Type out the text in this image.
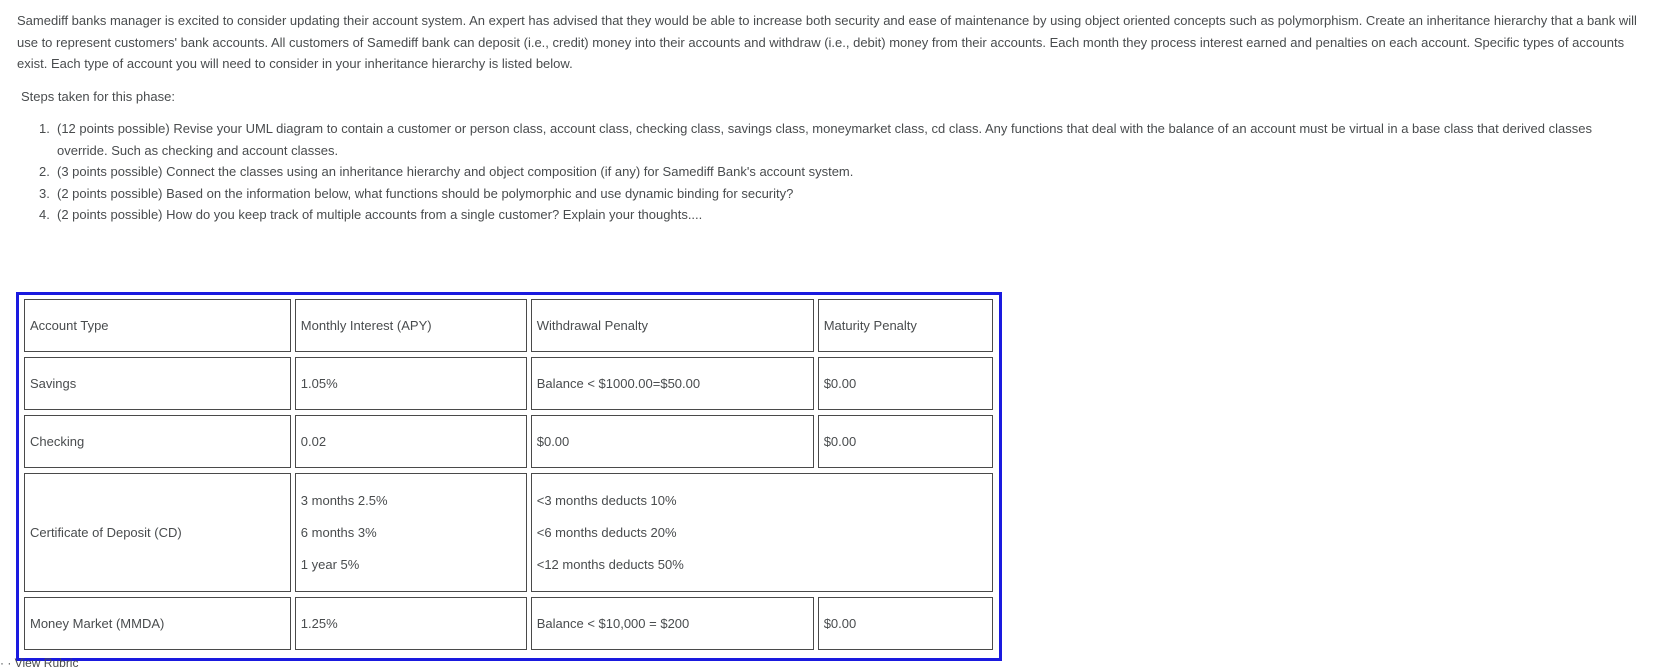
Samediff banks manager is excited to consider updating their account system. An expert has advised that they would be able to increase both security and ease of maintenance by using object oriented concepts such as polymorphism. Create an inheritance hierarchy that a bank will use to represent customers' bank accounts. All customers of Samediff bank can deposit (i.e., credit) money into their accounts and withdraw (i.e., debit) money from their accounts. Each month they process interest earned and penalties on each account. Specific types of accounts exist. Each type of account you will need to consider in your inheritance hierarchy is listed below.

Steps taken for this phase:

1. (12 points possible) Revise your UML diagram to contain a customer or person class, account class, checking class, savings class, moneymarket class, cd class. Any functions that deal with the balance of an account must be virtual in a base class that derived classes override. Such as checking and account classes.
2. (3 points possible) Connect the classes using an inheritance hierarchy and object composition (if any) for Samediff Bank's account system.
3. (2 points possible) Based on the information below, what functions should be polymorphic and use dynamic binding for security?
4. (2 points possible) How do you keep track of multiple accounts from a single customer? Explain your thoughts....
Account Type	Monthly Interest (APY)	Withdrawal Penalty	Maturity Penalty
Savings	1.05%	Balance < $1000.00=$50.00	$0.00
Checking	0.02	$0.00	$0.00
Certificate of Deposit (CD)	3 months 2.5%
6 months 3%
1 year 5%	<3 months deducts 10%
<6 months deducts 20%
<12 months deducts 50%	

Money Market (MMDA)	1.25%	Balance < $10,000 = $200	$0.00
· · View Rubric
